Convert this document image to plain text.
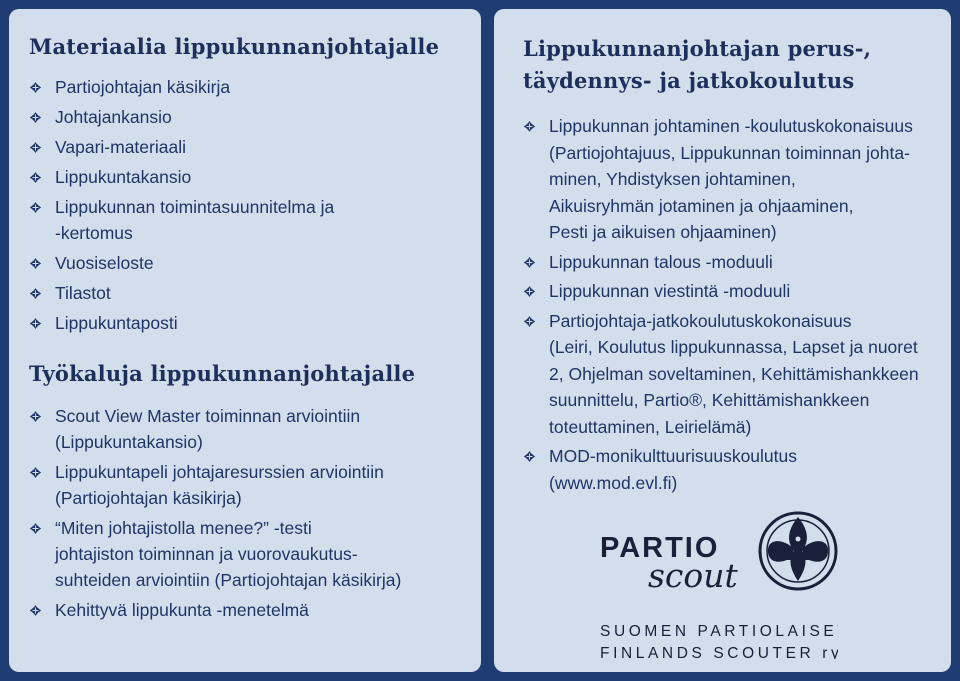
Materiaalia lippukunnanjohtajalle
Partiojohtajan käsikirja
Johtajankansio
Vapari-materiaali
Lippukuntakansio
Lippukunnan toimintasuunnitelma ja
-kertomus
Vuosiseloste
Tilastot
Lippukuntaposti
Työkaluja lippukunnanjohtajalle
Scout View Master toiminnan arviointiin
(Lippukuntakansio)
Lippukuntapeli johtajaresurssien arviointiin
(Partiojohtajan käsikirja)
“Miten johtajistolla menee?” -testi
johtajiston toiminnan ja vuorovaukutus-
suhteiden arviointiin (Partiojohtajan käsikirja)
Kehittyvä lippukunta -menetelmä
Lippukunnanjohtajan perus-,
täydennys- ja jatkokoulutus
Lippukunnan johtaminen -koulutuskokonaisuus
(Partiojohtajuus, Lippukunnan toiminnan johta-
minen, Yhdistyksen johtaminen,
Aikuisryhmän jotaminen ja ohjaaminen,
Pesti ja aikuisen ohjaaminen)
Lippukunnan talous -moduuli
Lippukunnan viestintä -moduuli
Partiojohtaja-jatkokoulutuskokonaisuus
(Leiri, Koulutus lippukunnassa, Lapset ja nuoret
2, Ohjelman soveltaminen, Kehittämishankkeen
suunnittelu, Partio®, Kehittämishankkeen
toteuttaminen, Leirielämä)
MOD-monikulttuurisuuskoulutus
(www.mod.evl.fi)
PARTIO
scout
SUOMEN PARTIOLAISET
FINLANDS SCOUTER ry
